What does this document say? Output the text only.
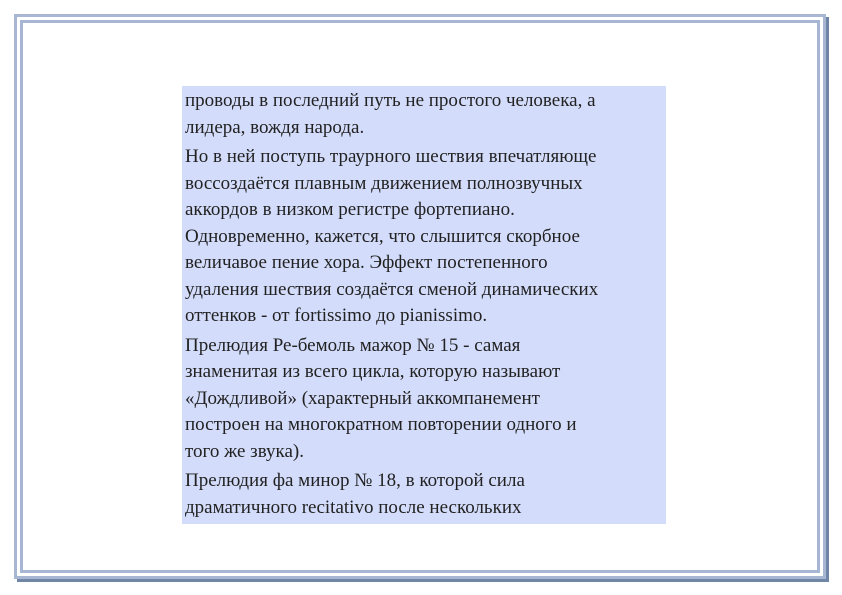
проводы в последний путь не простого человека, а
лидера, вождя народа.

Но в ней поступь траурного шествия впечатляюще
воссоздаётся плавным движением полнозвучных
аккордов в низком регистре фортепиано.
Одновременно, кажется, что слышится скорбное
величавое пение хора. Эффект постепенного
удаления шествия создаётся сменой динамических
оттенков - от fortissimo до pianissimo.

Прелюдия Ре-бемоль мажор № 15 - самая
знаменитая из всего цикла, которую называют
«Дождливой» (характерный аккомпанемент
построен на многократном повторении одного и
того же звука).

Прелюдия фа минор № 18, в которой сила
драматичного recitativo после нескольких
